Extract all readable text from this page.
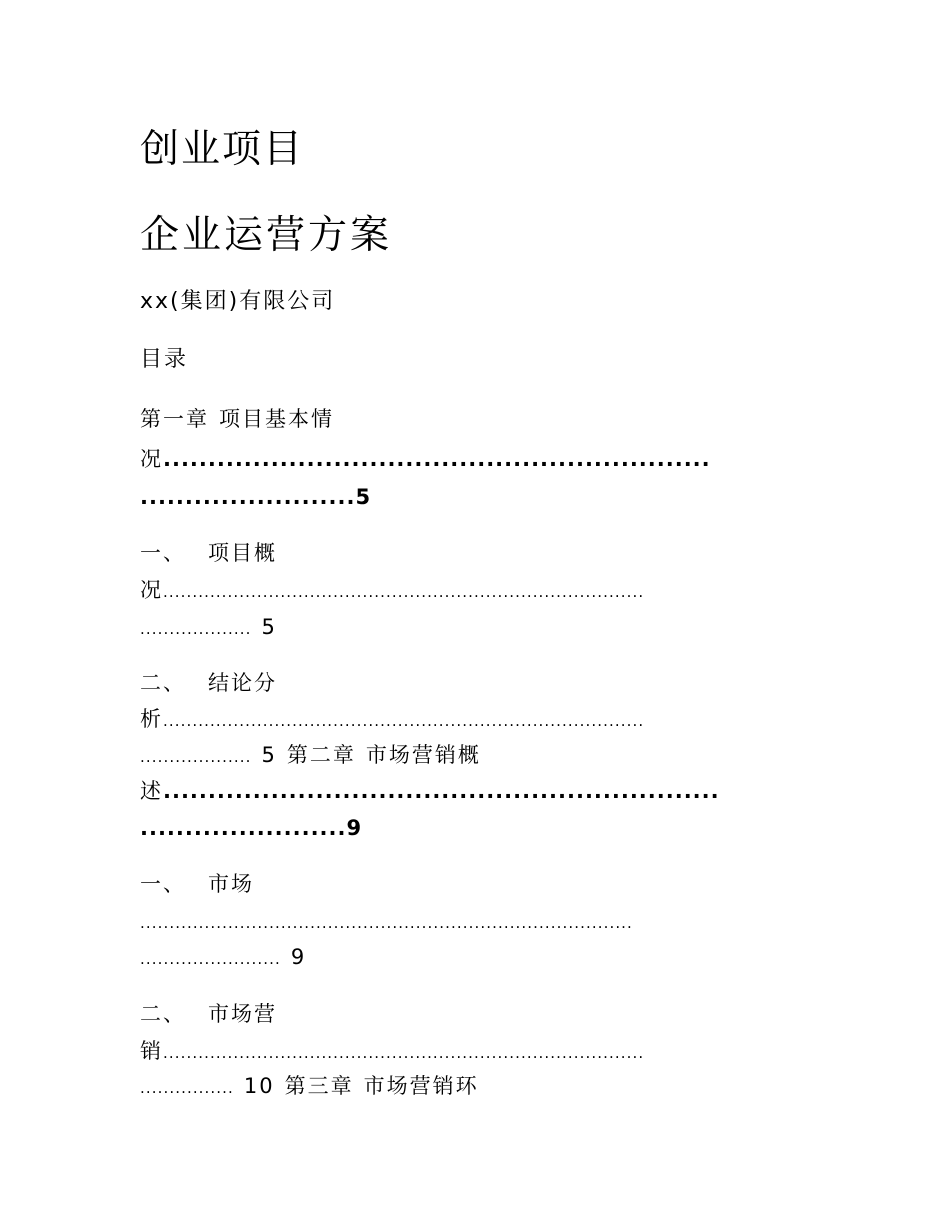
创业项目
企业运营方案
xx(集团)有限公司
目录
第一章 项目基本情
况.............................................................
........................5
一、 项目概
况..................................................................................
................... 5
二、 结论分
析..................................................................................
................... 5 第二章 市场营销概
述..............................................................
.......................9
一、 市场
....................................................................................
........................ 9
二、 市场营
销..................................................................................
................ 10 第三章 市场营销环
